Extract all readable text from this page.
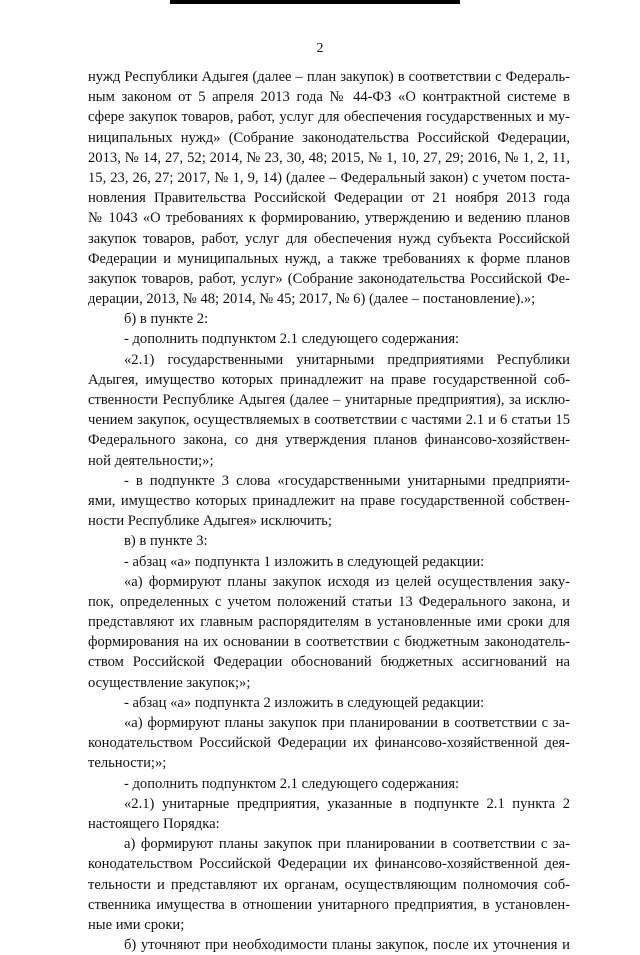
2
нужд Республики Адыгея (далее – план закупок) в соответствии с Федераль-
ным законом от 5 апреля 2013 года № 44-ФЗ «О контрактной системе в
сфере закупок товаров, работ, услуг для обеспечения государственных и му-
ниципальных нужд» (Собрание законодательства Российской Федерации,
2013, № 14, 27, 52; 2014, № 23, 30, 48; 2015, № 1, 10, 27, 29; 2016, № 1, 2, 11,
15, 23, 26, 27; 2017, № 1, 9, 14) (далее – Федеральный закон) с учетом поста-
новления Правительства Российской Федерации от 21 ноября 2013 года
№ 1043 «О требованиях к формированию, утверждению и ведению планов
закупок товаров, работ, услуг для обеспечения нужд субъекта Российской
Федерации и муниципальных нужд, а также требованиях к форме планов
закупок товаров, работ, услуг» (Собрание законодательства Российской Фе-
дерации, 2013, № 48; 2014, № 45; 2017, № 6) (далее – постановление).»;
б) в пункте 2:
- дополнить подпунктом 2.1 следующего содержания:
«2.1) государственными унитарными предприятиями Республики
Адыгея, имущество которых принадлежит на праве государственной соб-
ственности Республике Адыгея (далее – унитарные предприятия), за исклю-
чением закупок, осуществляемых в соответствии с частями 2.1 и 6 статьи 15
Федерального закона, со дня утверждения планов финансово-хозяйствен-
ной деятельности;»;
- в подпункте 3 слова «государственными унитарными предприяти-
ями, имущество которых принадлежит на праве государственной собствен-
ности Республике Адыгея» исключить;
в) в пункте 3:
- абзац «а» подпункта 1 изложить в следующей редакции:
«а) формируют планы закупок исходя из целей осуществления заку-
пок, определенных с учетом положений статьи 13 Федерального закона, и
представляют их главным распорядителям в установленные ими сроки для
формирования на их основании в соответствии с бюджетным законодатель-
ством Российской Федерации обоснований бюджетных ассигнований на
осуществление закупок;»;
- абзац «а» подпункта 2 изложить в следующей редакции:
«а) формируют планы закупок при планировании в соответствии с за-
конодательством Российской Федерации их финансово-хозяйственной дея-
тельности;»;
- дополнить подпунктом 2.1 следующего содержания:
«2.1) унитарные предприятия, указанные в подпункте 2.1 пункта 2
настоящего Порядка:
а) формируют планы закупок при планировании в соответствии с за-
конодательством Российской Федерации их финансово-хозяйственной дея-
тельности и представляют их органам, осуществляющим полномочия соб-
ственника имущества в отношении унитарного предприятия, в установлен-
ные ими сроки;
б) уточняют при необходимости планы закупок, после их уточнения и
